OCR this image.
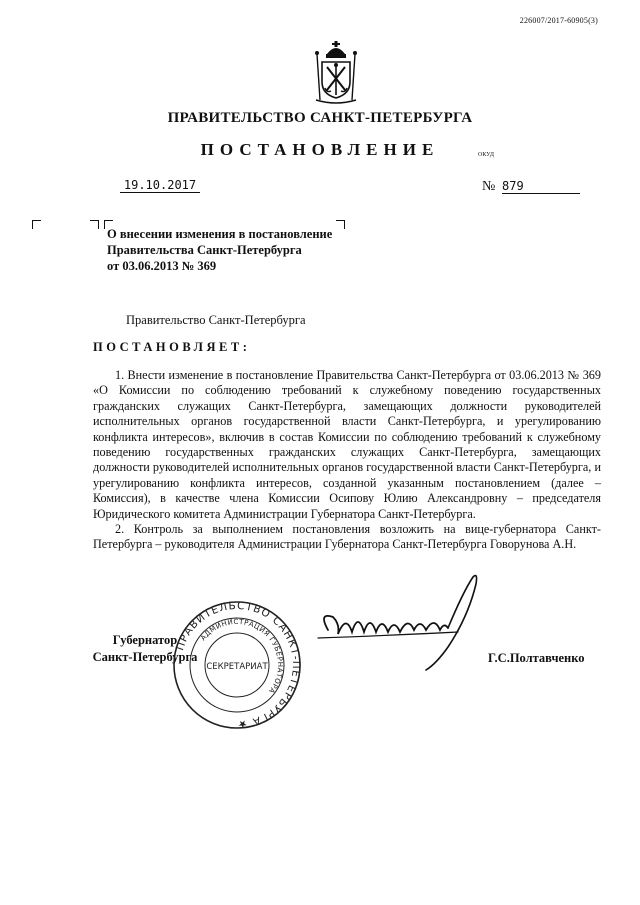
226007/2017-60905(3)
ПРАВИТЕЛЬСТВО САНКТ-ПЕТЕРБУРГА
ПОСТАНОВЛЕНИЕ	ОКУД
19.10.2017	№ 879
О внесении изменения в постановление
Правительства Санкт-Петербурга
от 03.06.2013 № 369
Правительство Санкт-Петербурга
ПОСТАНОВЛЯЕТ:

1. Внести изменение в постановление Правительства Санкт-Петербурга от 03.06.2013 № 369 «О Комиссии по соблюдению требований к служебному поведению государственных гражданских служащих Санкт-Петербурга, замещающих должности руководителей исполнительных органов государственной власти Санкт-Петербурга, и урегулированию конфликта интересов», включив в состав Комиссии по соблюдению требований к служебному поведению государственных гражданских служащих Санкт-Петербурга, замещающих должности руководителей исполнительных органов государственной власти Санкт-Петербурга, и урегулированию конфликта интересов, созданной указанным постановлением (далее – Комиссия), в качестве члена Комиссии Осипову Юлию Александровну – председателя Юридического комитета Администрации Губернатора Санкт-Петербурга.

2. Контроль за выполнением постановления возложить на вице-губернатора Санкт-Петербурга – руководителя Администрации Губернатора Санкт-Петербурга Говорунова А.Н.

Губернатор
Санкт-Петербурга
ПРАВИТЕЛЬСТВО САНКТ-ПЕТЕРБУРГА ★
АДМИНИСТРАЦИЯ ГУБЕРНАТОРА
СЕКРЕТАРИАТ
Г.С.Полтавченко
